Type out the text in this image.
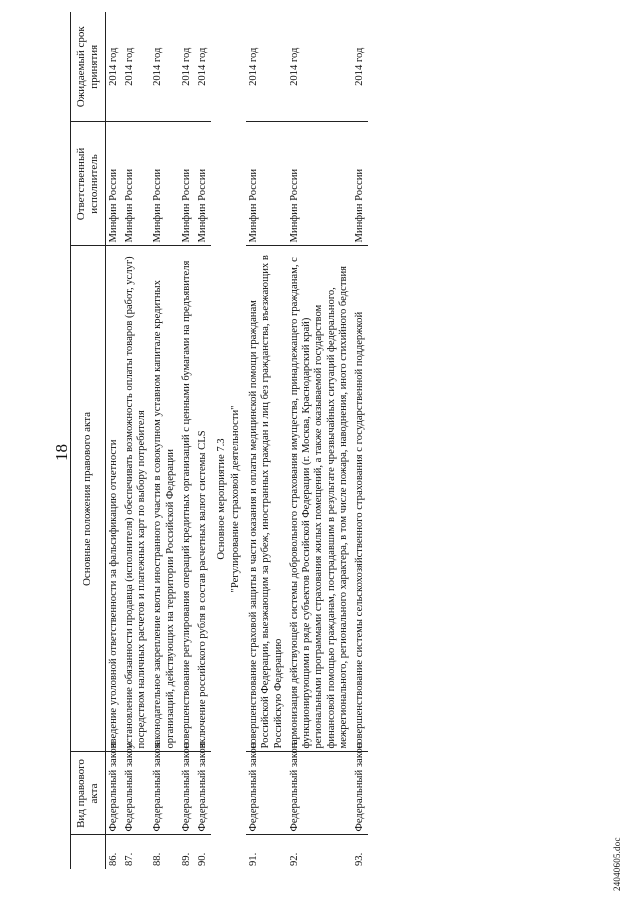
18
	Вид правового акта	Основные положения правового акта	Ответственный исполнитель	Ожидаемый срок принятия
86.	Федеральный закон	введение уголовной ответственности за фальсификацию отчетности	Минфин России	2014 год
87.	Федеральный закон	установление обязанности продавца (исполнителя) обеспечивать возможность оплаты товаров (работ, услуг) посредством наличных расчетов и платежных карт по выбору потребителя	Минфин России	2014 год
88.	Федеральный закон	законодательное закрепление квоты иностранного участия в совокупном уставном капитале кредитных организаций, действующих на территории Российской Федерации	Минфин России	2014 год
89.	Федеральный закон	совершенствование регулирования операций кредитных организаций с ценными бумагами на предъявителя	Минфин России	2014 год
90.	Федеральный закон	включение российского рубля в состав расчетных валют системы CLS	Минфин России	2014 год

		Основное мероприятие 7.3 "Регулирование страховой деятельности"		

91.	Федеральный закон	совершенствование страховой защиты в части оказания и оплаты медицинской помощи гражданам Российской Федерации, выезжающим за рубеж, иностранных граждан и лиц без гражданства, въезжающих в Российскую Федерацию	Минфин России	2014 год
92.	Федеральный закон	гармонизация действующей системы добровольного страхования имущества, принадлежащего гражданам, с функционирующими в ряде субъектов Российской Федерации (г. Москва, Краснодарский край) региональными программами страхования жилых помещений, а также оказываемой государством финансовой помощью гражданам, пострадавшим в результате чрезвычайных ситуаций федерального, межрегионального, регионального характера, в том числе пожара, наводнения, иного стихийного бедствия	Минфин России	2014 год
93.	Федеральный закон	совершенствование системы сельскохозяйственного страхования с государственной поддержкой	Минфин России	2014 год
24040605.doc
